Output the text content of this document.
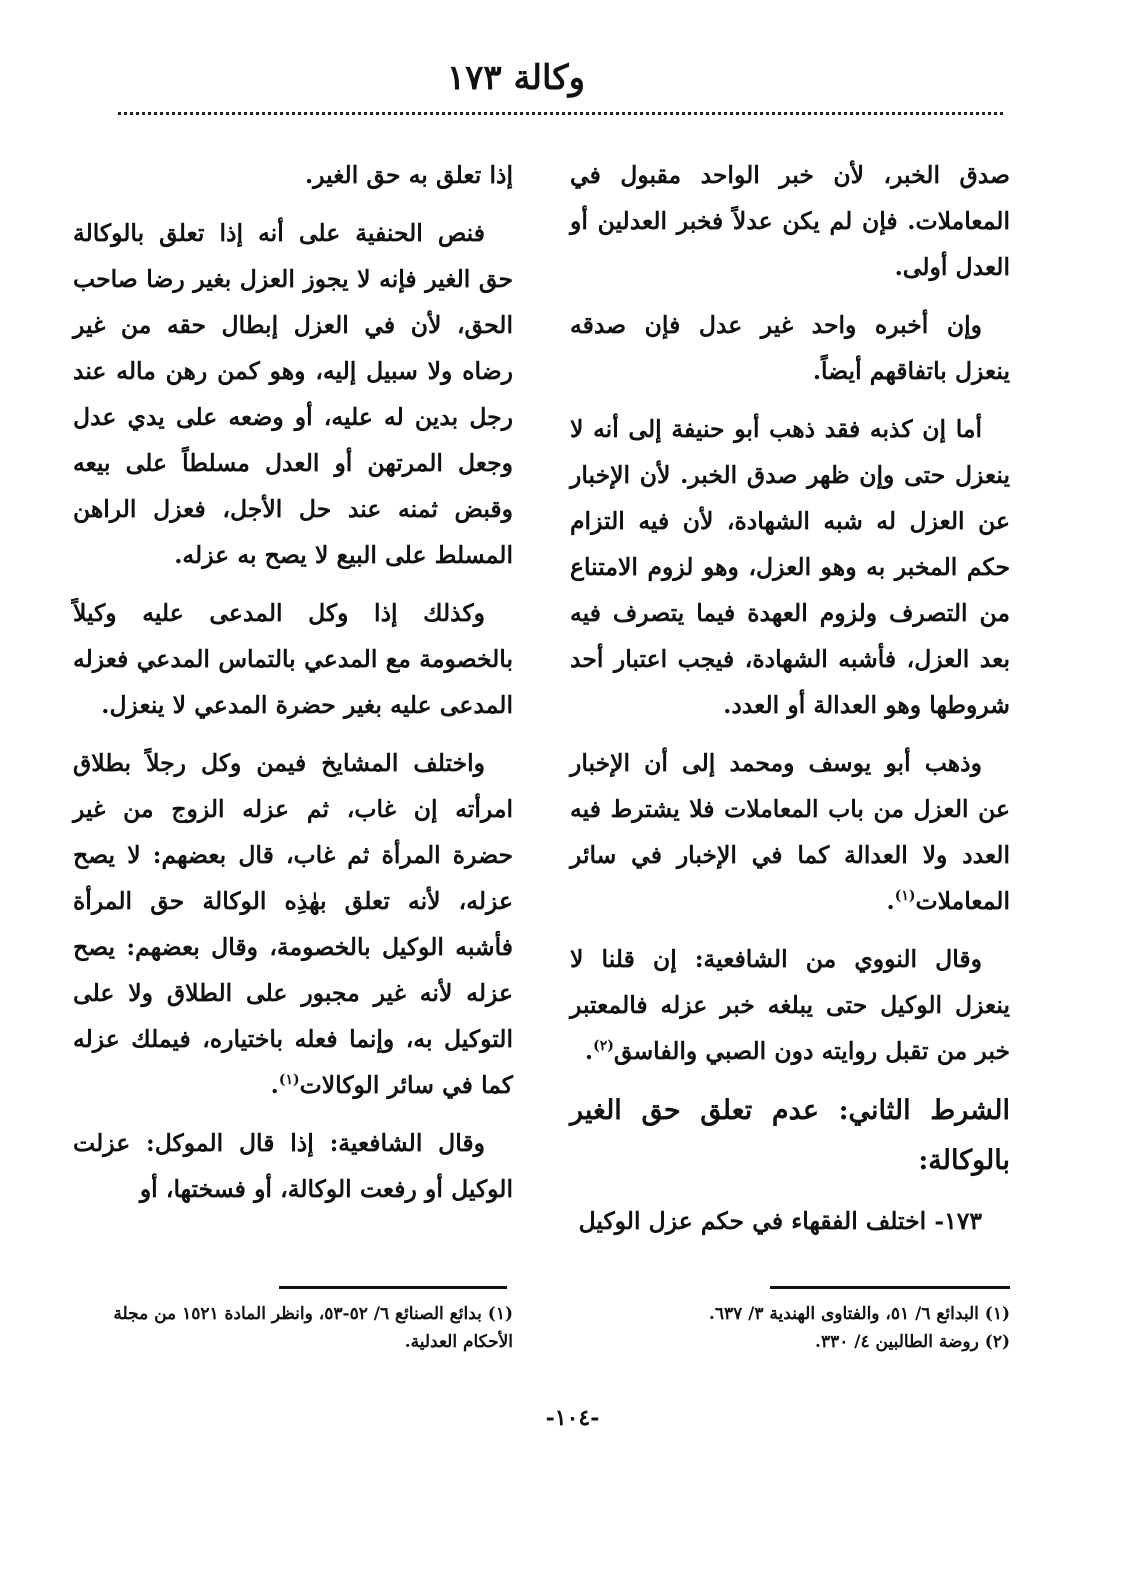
وكالة ١٧٣

صدق الخبر، لأن خبر الواحد مقبول في المعاملات. فإن لم يكن عدلاً فخبر العدلين أو العدل أولى.

وإن أخبره واحد غير عدل فإن صدقه ينعزل باتفاقهم أيضاً.

أما إن كذبه فقد ذهب أبو حنيفة إلى أنه لا ينعزل حتى وإن ظهر صدق الخبر. لأن الإخبار عن العزل له شبه الشهادة، لأن فيه التزام حكم المخبر به وهو العزل، وهو لزوم الامتناع من التصرف ولزوم العهدة فيما يتصرف فيه بعد العزل، فأشبه الشهادة، فيجب اعتبار أحد شروطها وهو العدالة أو العدد.

وذهب أبو يوسف ومحمد إلى أن الإخبار عن العزل من باب المعاملات فلا يشترط فيه العدد ولا العدالة كما في الإخبار في سائر المعاملات$^{(١)}$.

وقال النووي من الشافعية: إن قلنا لا ينعزل الوكيل حتى يبلغه خبر عزله فالمعتبر خبر من تقبل روايته دون الصبي والفاسق$^{(٢)}$.

الشرط الثاني: عدم تعلق حق الغير بالوكالة:

١٧٣- اختلف الفقهاء في حكم عزل الوكيل

إذا تعلق به حق الغير.

فنص الحنفية على أنه إذا تعلق بالوكالة حق الغير فإنه لا يجوز العزل بغير رضا صاحب الحق، لأن في العزل إبطال حقه من غير رضاه ولا سبيل إليه، وهو كمن رهن ماله عند رجل بدين له عليه، أو وضعه على يدي عدل وجعل المرتهن أو العدل مسلطاً على بيعه وقبض ثمنه عند حل الأجل، فعزل الراهن المسلط على البيع لا يصح به عزله.

وكذلك إذا وكل المدعى عليه وكيلاً بالخصومة مع المدعي بالتماس المدعي فعزله المدعى عليه بغير حضرة المدعي لا ينعزل.

واختلف المشايخ فيمن وكل رجلاً بطلاق امرأته إن غاب، ثم عزله الزوج من غير حضرة المرأة ثم غاب، قال بعضهم: لا يصح عزله، لأنه تعلق بهٰذِه الوكالة حق المرأة فأشبه الوكيل بالخصومة، وقال بعضهم: يصح عزله لأنه غير مجبور على الطلاق ولا على التوكيل به، وإنما فعله باختياره، فيملك عزله كما في سائر الوكالات$^{(١)}$.

وقال الشافعية: إذا قال الموكل: عزلت الوكيل أو رفعت الوكالة، أو فسختها، أو

(١) البدائع ٦/ ٥١، والفتاوى الهندية ٣/ ٦٣٧.
(٢) روضة الطالبين ٤/ ٣٣٠.
(١) بدائع الصنائع ٦/ ٥٢-٥٣، وانظر المادة ١٥٢١ من مجلة الأحكام العدلية.
-١٠٤-
